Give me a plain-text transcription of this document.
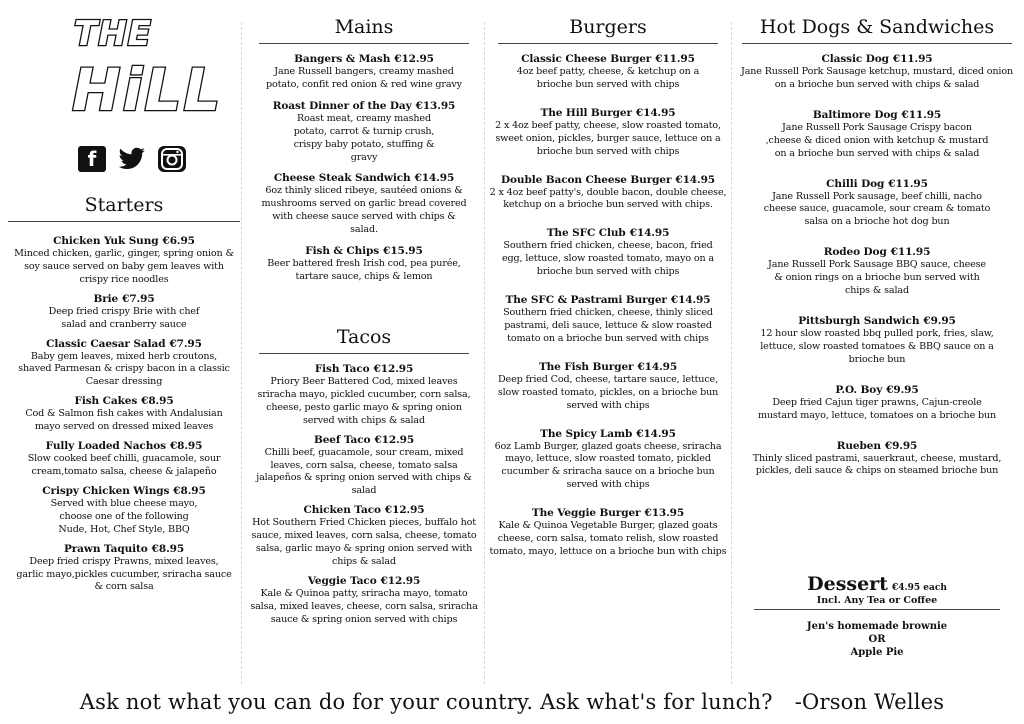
THE
HiLL
f
Starters
Chicken Yuk Sung €6.95
Minced chicken, garlic, ginger, spring onion & soy sauce served on baby gem leaves with crispy rice noodles
Brie €7.95
Deep fried crispy Brie with chef salad and cranberry sauce
Classic Caesar Salad €7.95
Baby gem leaves, mixed herb croutons, shaved Parmesan & crispy bacon in a classic Caesar dressing
Fish Cakes €8.95
Cod & Salmon fish cakes with Andalusian mayo served on dressed mixed leaves
Fully Loaded Nachos €8.95
Slow cooked beef chilli, guacamole, sour cream,tomato salsa, cheese & jalapeño
Crispy Chicken Wings €8.95
Served with blue cheese mayo, choose one of the following Nude, Hot, Chef Style, BBQ
Prawn Taquito €8.95
Deep fried crispy Prawns, mixed leaves, garlic mayo,pickles cucumber, sriracha sauce & corn salsa
Mains
Bangers & Mash €12.95
Jane Russell bangers, creamy mashed potato, confit red onion & red wine gravy
Roast Dinner of the Day €13.95
Roast meat, creamy mashed potato, carrot & turnip crush, crispy baby potato, stuffing & gravy
Cheese Steak Sandwich €14.95
6oz thinly sliced ribeye, sautéed onions & mushrooms served on garlic bread covered with cheese sauce served with chips & salad.
Fish & Chips €15.95
Beer battered fresh Irish cod, pea purée, tartare sauce, chips & lemon
Tacos
Fish Taco €12.95
Priory Beer Battered Cod, mixed leaves sriracha mayo, pickled cucumber, corn salsa, cheese, pesto garlic mayo & spring onion served with chips & salad
Beef Taco €12.95
Chilli beef, guacamole, sour cream, mixed leaves, corn salsa, cheese, tomato salsa jalapeños & spring onion served with chips & salad
Chicken Taco €12.95
Hot Southern Fried Chicken pieces, buffalo hot sauce, mixed leaves, corn salsa, cheese, tomato salsa, garlic mayo & spring onion served with chips & salad
Veggie Taco €12.95
Kale & Quinoa patty, sriracha mayo, tomato salsa, mixed leaves, cheese, corn salsa, sriracha sauce & spring onion served with chips
Burgers
Classic Cheese Burger €11.95
4oz beef patty, cheese, & ketchup on a brioche bun served with chips
The Hill Burger €14.95
2 x 4oz beef patty, cheese, slow roasted tomato, sweet onion, pickles, burger sauce, lettuce on a brioche bun served with chips
Double Bacon Cheese Burger €14.95
2 x 4oz beef patty's, double bacon, double cheese, ketchup on a brioche bun served with chips.
The SFC Club €14.95
Southern fried chicken, cheese, bacon, fried egg, lettuce, slow roasted tomato, mayo on a brioche bun served with chips
The SFC & Pastrami Burger €14.95
Southern fried chicken, cheese, thinly sliced pastrami, deli sauce, lettuce & slow roasted tomato on a brioche bun served with chips
The Fish Burger €14.95
Deep fried Cod, cheese, tartare sauce, lettuce, slow roasted tomato, pickles, on a brioche bun served with chips
The Spicy Lamb €14.95
6oz Lamb Burger, glazed goats cheese, sriracha mayo, lettuce, slow roasted tomato, pickled cucumber & sriracha sauce on a brioche bun served with chips
The Veggie Burger €13.95
Kale & Quinoa Vegetable Burger, glazed goats cheese, corn salsa, tomato relish, slow roasted tomato, mayo, lettuce on a brioche bun with chips
Hot Dogs & Sandwiches
Classic Dog €11.95
Jane Russell Pork Sausage ketchup, mustard, diced onion on a brioche bun served with chips & salad
Baltimore Dog €11.95
Jane Russell Pork Sausage Crispy bacon ,cheese & diced onion with ketchup & mustard on a brioche bun served with chips & salad
Chilli Dog €11.95
Jane Russell Pork sausage, beef chilli, nacho cheese sauce, guacamole, sour cream & tomato salsa on a brioche hot dog bun
Rodeo Dog €11.95
Jane Russell Pork Sausage BBQ sauce, cheese & onion rings on a brioche bun served with chips & salad
Pittsburgh Sandwich €9.95
12 hour slow roasted bbq pulled pork, fries, slaw, lettuce, slow roasted tomatoes & BBQ sauce on a brioche bun
P.O. Boy €9.95
Deep fried Cajun tiger prawns, Cajun-creole mustard mayo, lettuce, tomatoes on a brioche bun
Rueben €9.95
Thinly sliced pastrami, sauerkraut, cheese, mustard, pickles, deli sauce & chips on steamed brioche bun
Dessert €4.95 each
Incl. Any Tea or Coffee
Jen's homemade brownie
OR
Apple Pie
Ask not what you can do for your country. Ask what's for lunch? -Orson Welles
